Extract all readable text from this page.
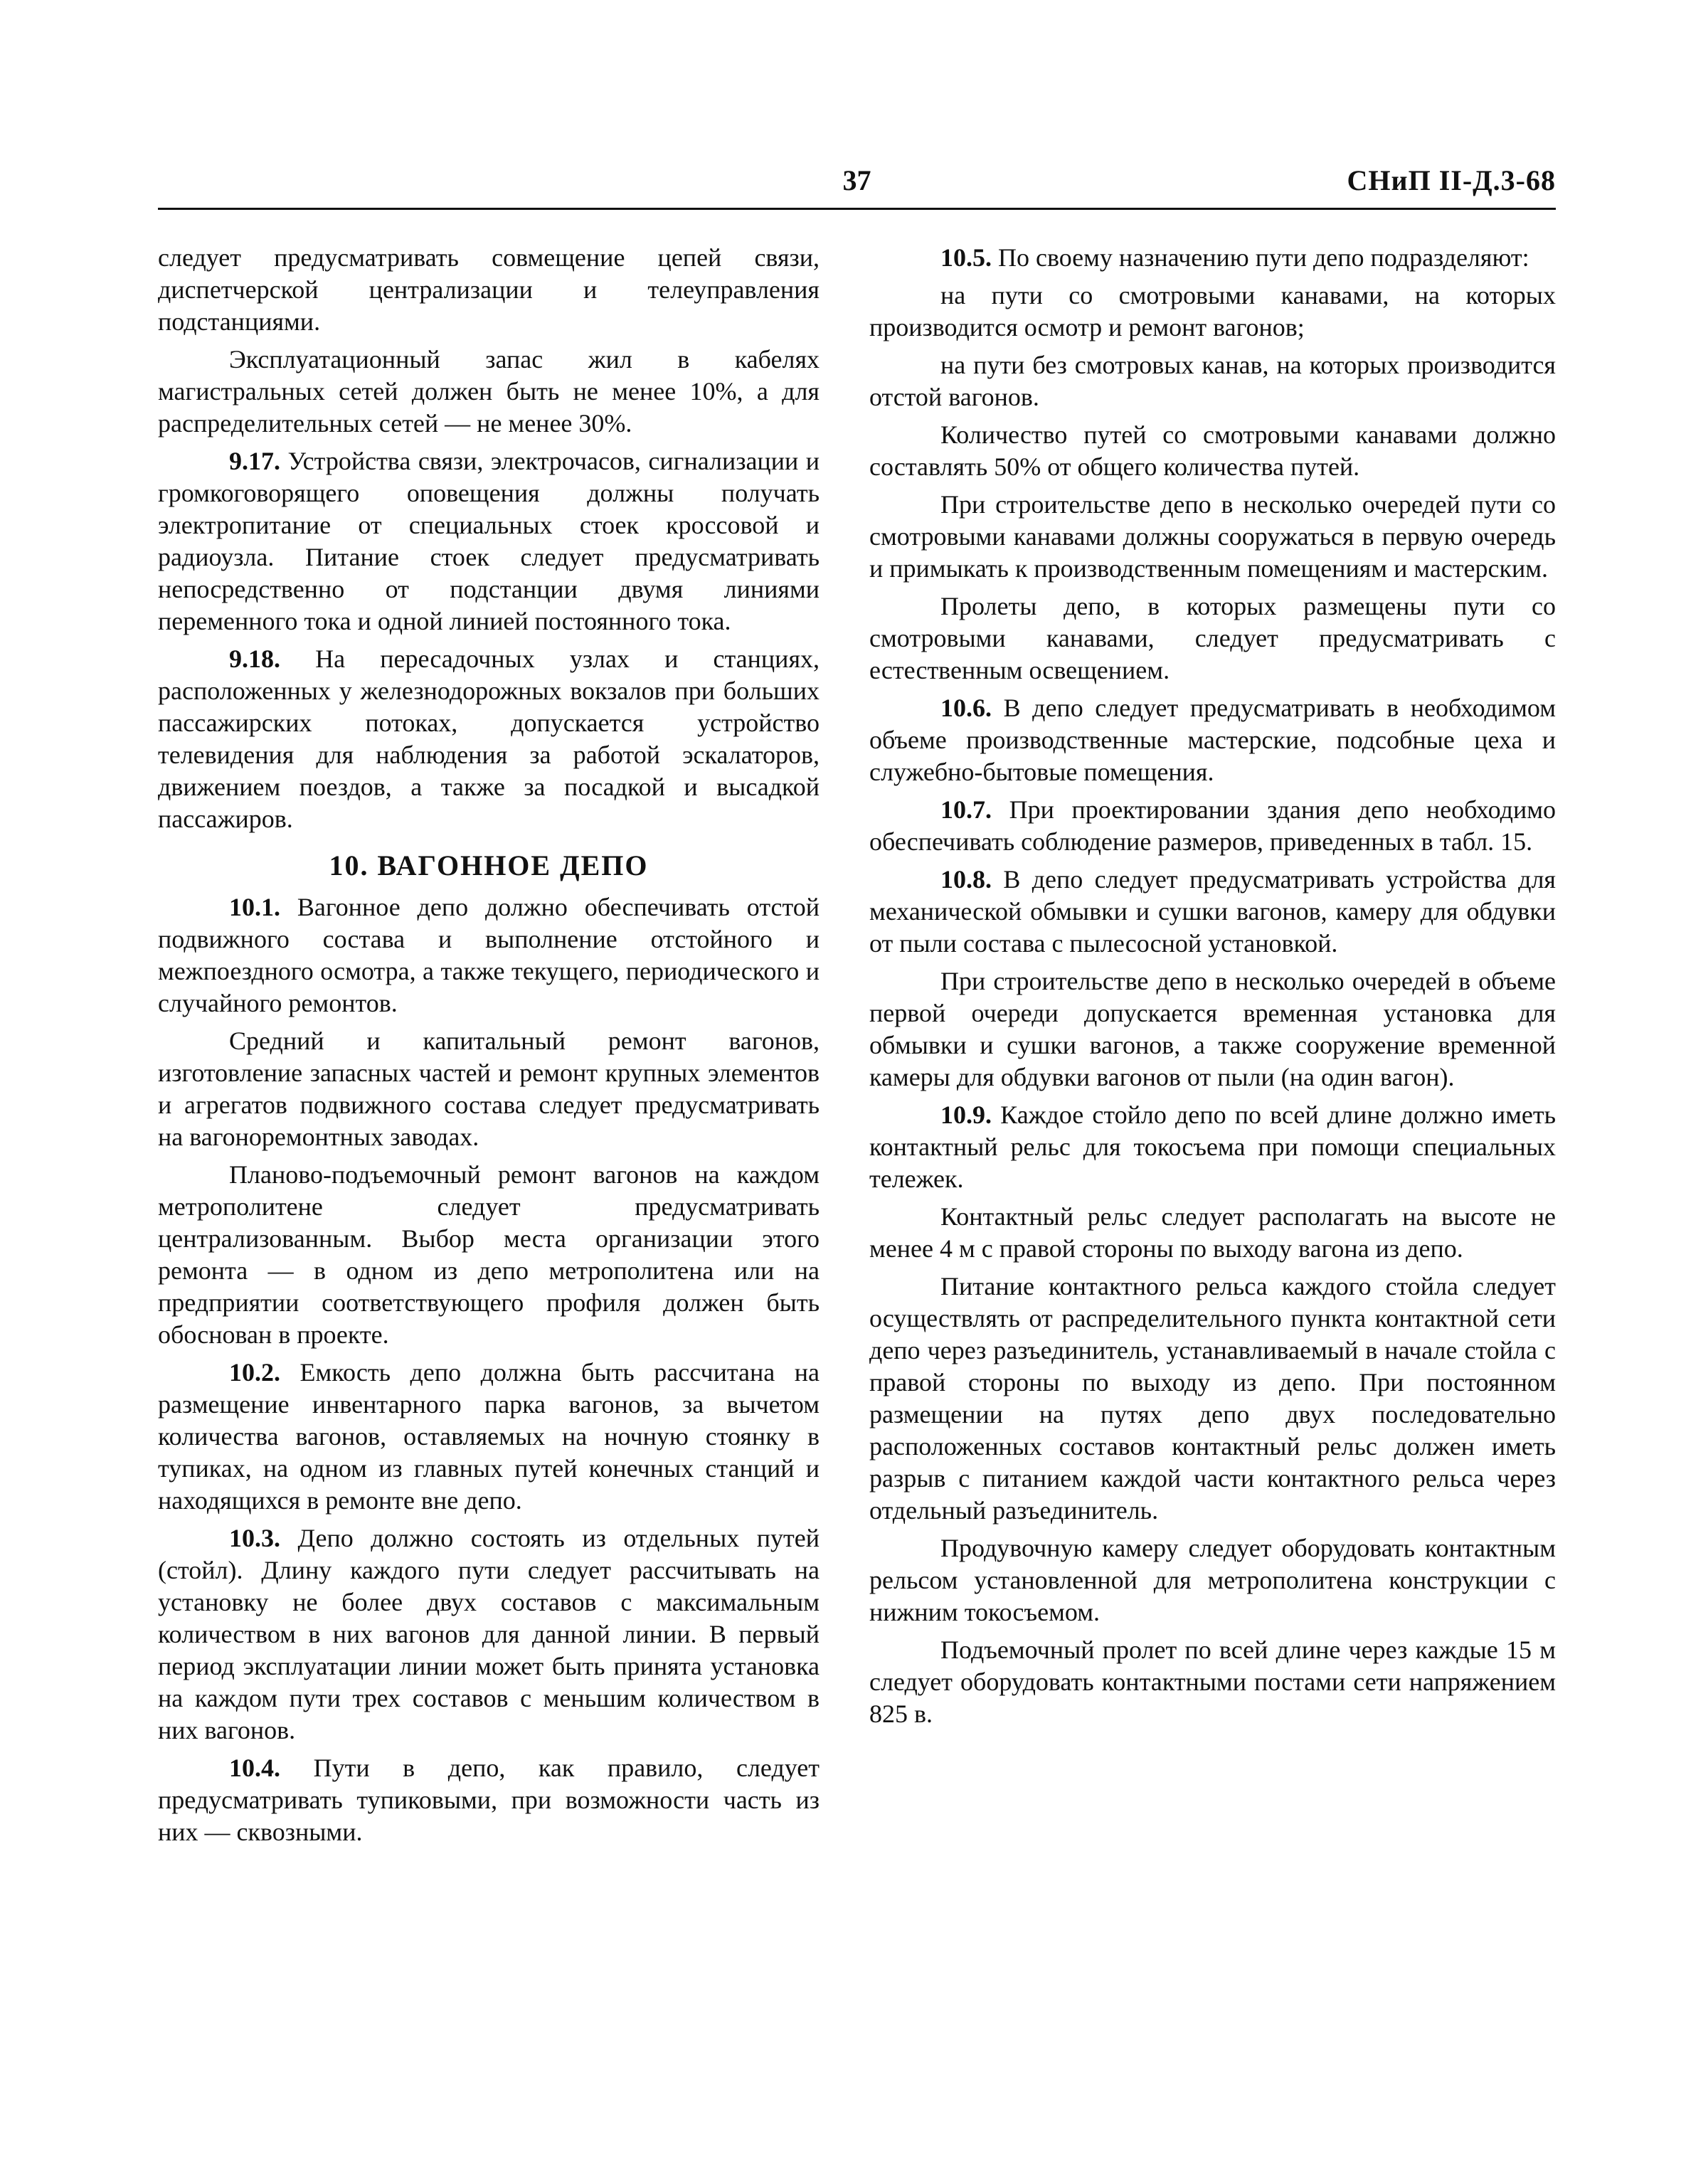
37	СНиП II-Д.3-68

следует предусматривать совмещение цепей связи, диспетчерской централизации и телеуправления подстанциями.

Эксплуатационный запас жил в кабелях магистральных сетей должен быть не менее 10%, а для распределительных сетей — не менее 30%.

9.17. Устройства связи, электрочасов, сигнализации и громкоговорящего оповещения должны получать электропитание от специальных стоек кроссовой и радиоузла. Питание стоек следует предусматривать непосредственно от подстанции двумя линиями переменного тока и одной линией постоянного тока.

9.18. На пересадочных узлах и станциях, расположенных у железнодорожных вокзалов при больших пассажирских потоках, допускается устройство телевидения для наблюдения за работой эскалаторов, движением поездов, а также за посадкой и высадкой пассажиров.

10. ВАГОННОЕ ДЕПО

10.1. Вагонное депо должно обеспечивать отстой подвижного состава и выполнение отстойного и межпоездного осмотра, а также текущего, периодического и случайного ремонтов.

Средний и капитальный ремонт вагонов, изготовление запасных частей и ремонт крупных элементов и агрегатов подвижного состава следует предусматривать на вагоноремонтных заводах.

Планово-подъемочный ремонт вагонов на каждом метрополитене следует предусматривать централизованным. Выбор места организации этого ремонта — в одном из депо метрополитена или на предприятии соответствующего профиля должен быть обоснован в проекте.

10.2. Емкость депо должна быть рассчитана на размещение инвентарного парка вагонов, за вычетом количества вагонов, оставляемых на ночную стоянку в тупиках, на одном из главных путей конечных станций и находящихся в ремонте вне депо.

10.3. Депо должно состоять из отдельных путей (стойл). Длину каждого пути следует рассчитывать на установку не более двух составов с максимальным количеством в них вагонов для данной линии. В первый период эксплуатации линии может быть принята установка на каждом пути трех составов с меньшим количеством в них вагонов.

10.4. Пути в депо, как правило, следует предусматривать тупиковыми, при возможности часть из них — сквозными.

10.5. По своему назначению пути депо подразделяют:

на пути со смотровыми канавами, на которых производится осмотр и ремонт вагонов;

на пути без смотровых канав, на которых производится отстой вагонов.

Количество путей со смотровыми канавами должно составлять 50% от общего количества путей.

При строительстве депо в несколько очередей пути со смотровыми канавами должны сооружаться в первую очередь и примыкать к производственным помещениям и мастерским.

Пролеты депо, в которых размещены пути со смотровыми канавами, следует предусматривать с естественным освещением.

10.6. В депо следует предусматривать в необходимом объеме производственные мастерские, подсобные цеха и служебно-бытовые помещения.

10.7. При проектировании здания депо необходимо обеспечивать соблюдение размеров, приведенных в табл. 15.

10.8. В депо следует предусматривать устройства для механической обмывки и сушки вагонов, камеру для обдувки от пыли состава с пылесосной установкой.

При строительстве депо в несколько очередей в объеме первой очереди допускается временная установка для обмывки и сушки вагонов, а также сооружение временной камеры для обдувки вагонов от пыли (на один вагон).

10.9. Каждое стойло депо по всей длине должно иметь контактный рельс для токосъема при помощи специальных тележек.

Контактный рельс следует располагать на высоте не менее 4 м с правой стороны по выходу вагона из депо.

Питание контактного рельса каждого стойла следует осуществлять от распределительного пункта контактной сети депо через разъединитель, устанавливаемый в начале стойла с правой стороны по выходу из депо. При постоянном размещении на путях депо двух последовательно расположенных составов контактный рельс должен иметь разрыв с питанием каждой части контактного рельса через отдельный разъединитель.

Продувочную камеру следует оборудовать контактным рельсом установленной для метрополитена конструкции с нижним токосъемом.

Подъемочный пролет по всей длине через каждые 15 м следует оборудовать контактными постами сети напряжением 825 в.
